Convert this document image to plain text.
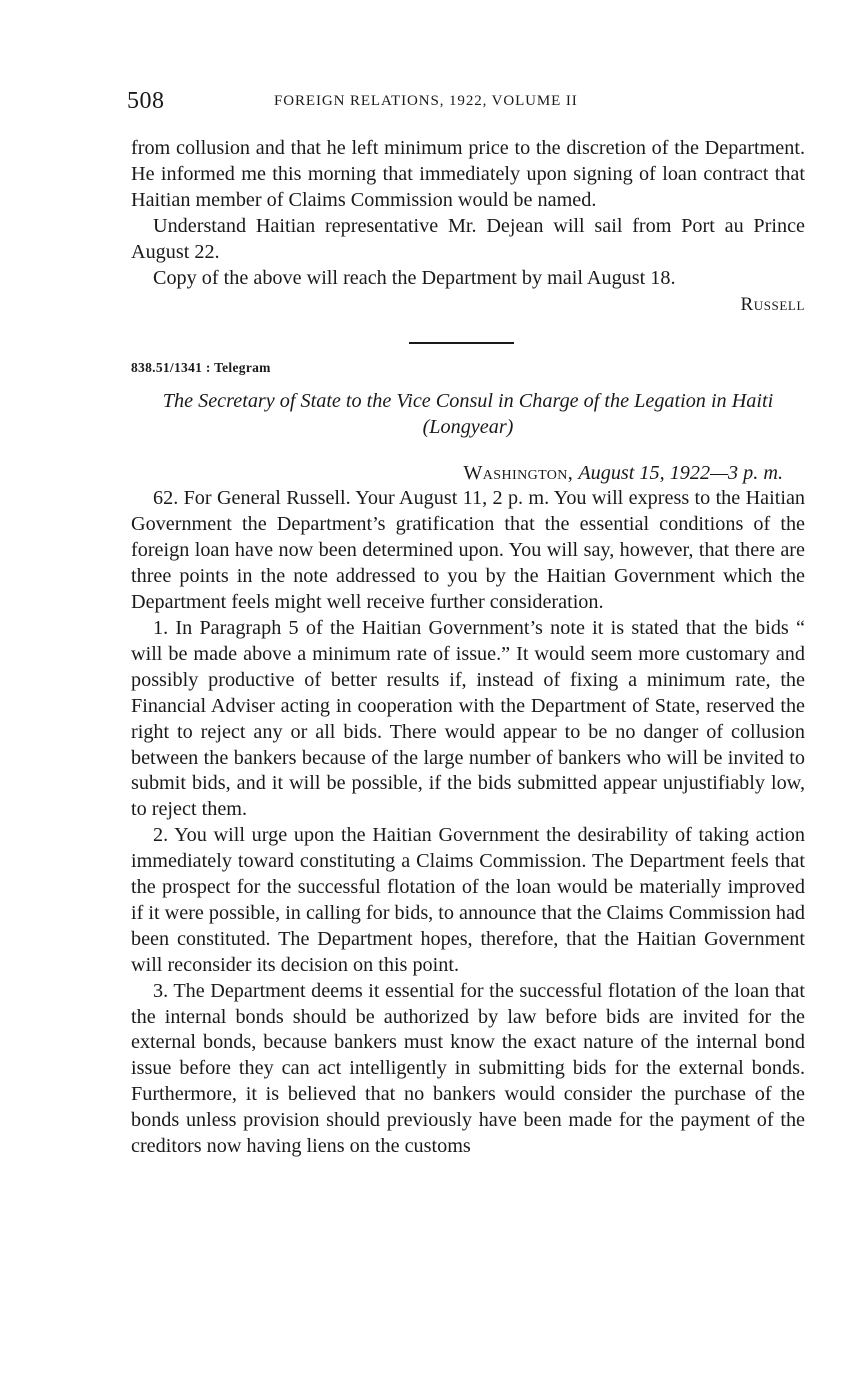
508	FOREIGN RELATIONS, 1922, VOLUME II

from collusion and that he left minimum price to the discretion of the Department. He informed me this morning that immediately upon signing of loan contract that Haitian member of Claims Commission would be named.

Understand Haitian representative Mr. Dejean will sail from Port au Prince August 22.

Copy of the above will reach the Department by mail August 18.

Russell

838.51/1341 : Telegram

The Secretary of State to the Vice Consul in Charge of the Legation in Haiti (Longyear)

Washington, August 15, 1922—3 p. m.

62. For General Russell. Your August 11, 2 p. m. You will express to the Haitian Government the Department’s gratification that the essential conditions of the foreign loan have now been determined upon. You will say, however, that there are three points in the note addressed to you by the Haitian Government which the Department feels might well receive further consideration.

1. In Paragraph 5 of the Haitian Government’s note it is stated that the bids “ will be made above a minimum rate of issue.” It would seem more customary and possibly productive of better results if, instead of fixing a minimum rate, the Financial Adviser acting in cooperation with the Department of State, reserved the right to reject any or all bids. There would appear to be no danger of collusion between the bankers because of the large number of bankers who will be invited to submit bids, and it will be possible, if the bids submitted appear unjustifiably low, to reject them.

2. You will urge upon the Haitian Government the desirability of taking action immediately toward constituting a Claims Commission. The Department feels that the prospect for the successful flotation of the loan would be materially improved if it were possible, in calling for bids, to announce that the Claims Commission had been constituted. The Department hopes, therefore, that the Haitian Government will reconsider its decision on this point.

3. The Department deems it essential for the successful flotation of the loan that the internal bonds should be authorized by law before bids are invited for the external bonds, because bankers must know the exact nature of the internal bond issue before they can act intelligently in submitting bids for the external bonds. Furthermore, it is believed that no bankers would consider the purchase of the bonds unless provision should previously have been made for the payment of the creditors now having liens on the customs
